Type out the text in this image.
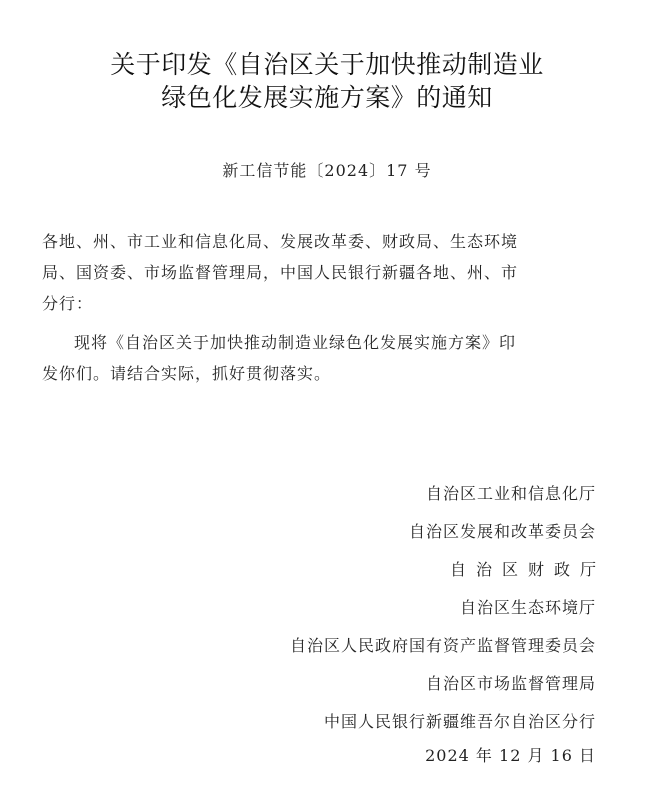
关于印发《自治区关于加快推动制造业
绿色化发展实施方案》的通知
新工信节能〔2024〕17 号
各地、州、市工业和信息化局、发展改革委、财政局、生态环境
局、国资委、市场监督管理局，中国人民银行新疆各地、州、市
分行：
现将《自治区关于加快推动制造业绿色化发展实施方案》印
发你们。请结合实际，抓好贯彻落实。
自治区工业和信息化厅
自治区发展和改革委员会
自治区财政厅
自治区生态环境厅
自治区人民政府国有资产监督管理委员会
自治区市场监督管理局
中国人民银行新疆维吾尔自治区分行
2024 年 12 月 16 日
